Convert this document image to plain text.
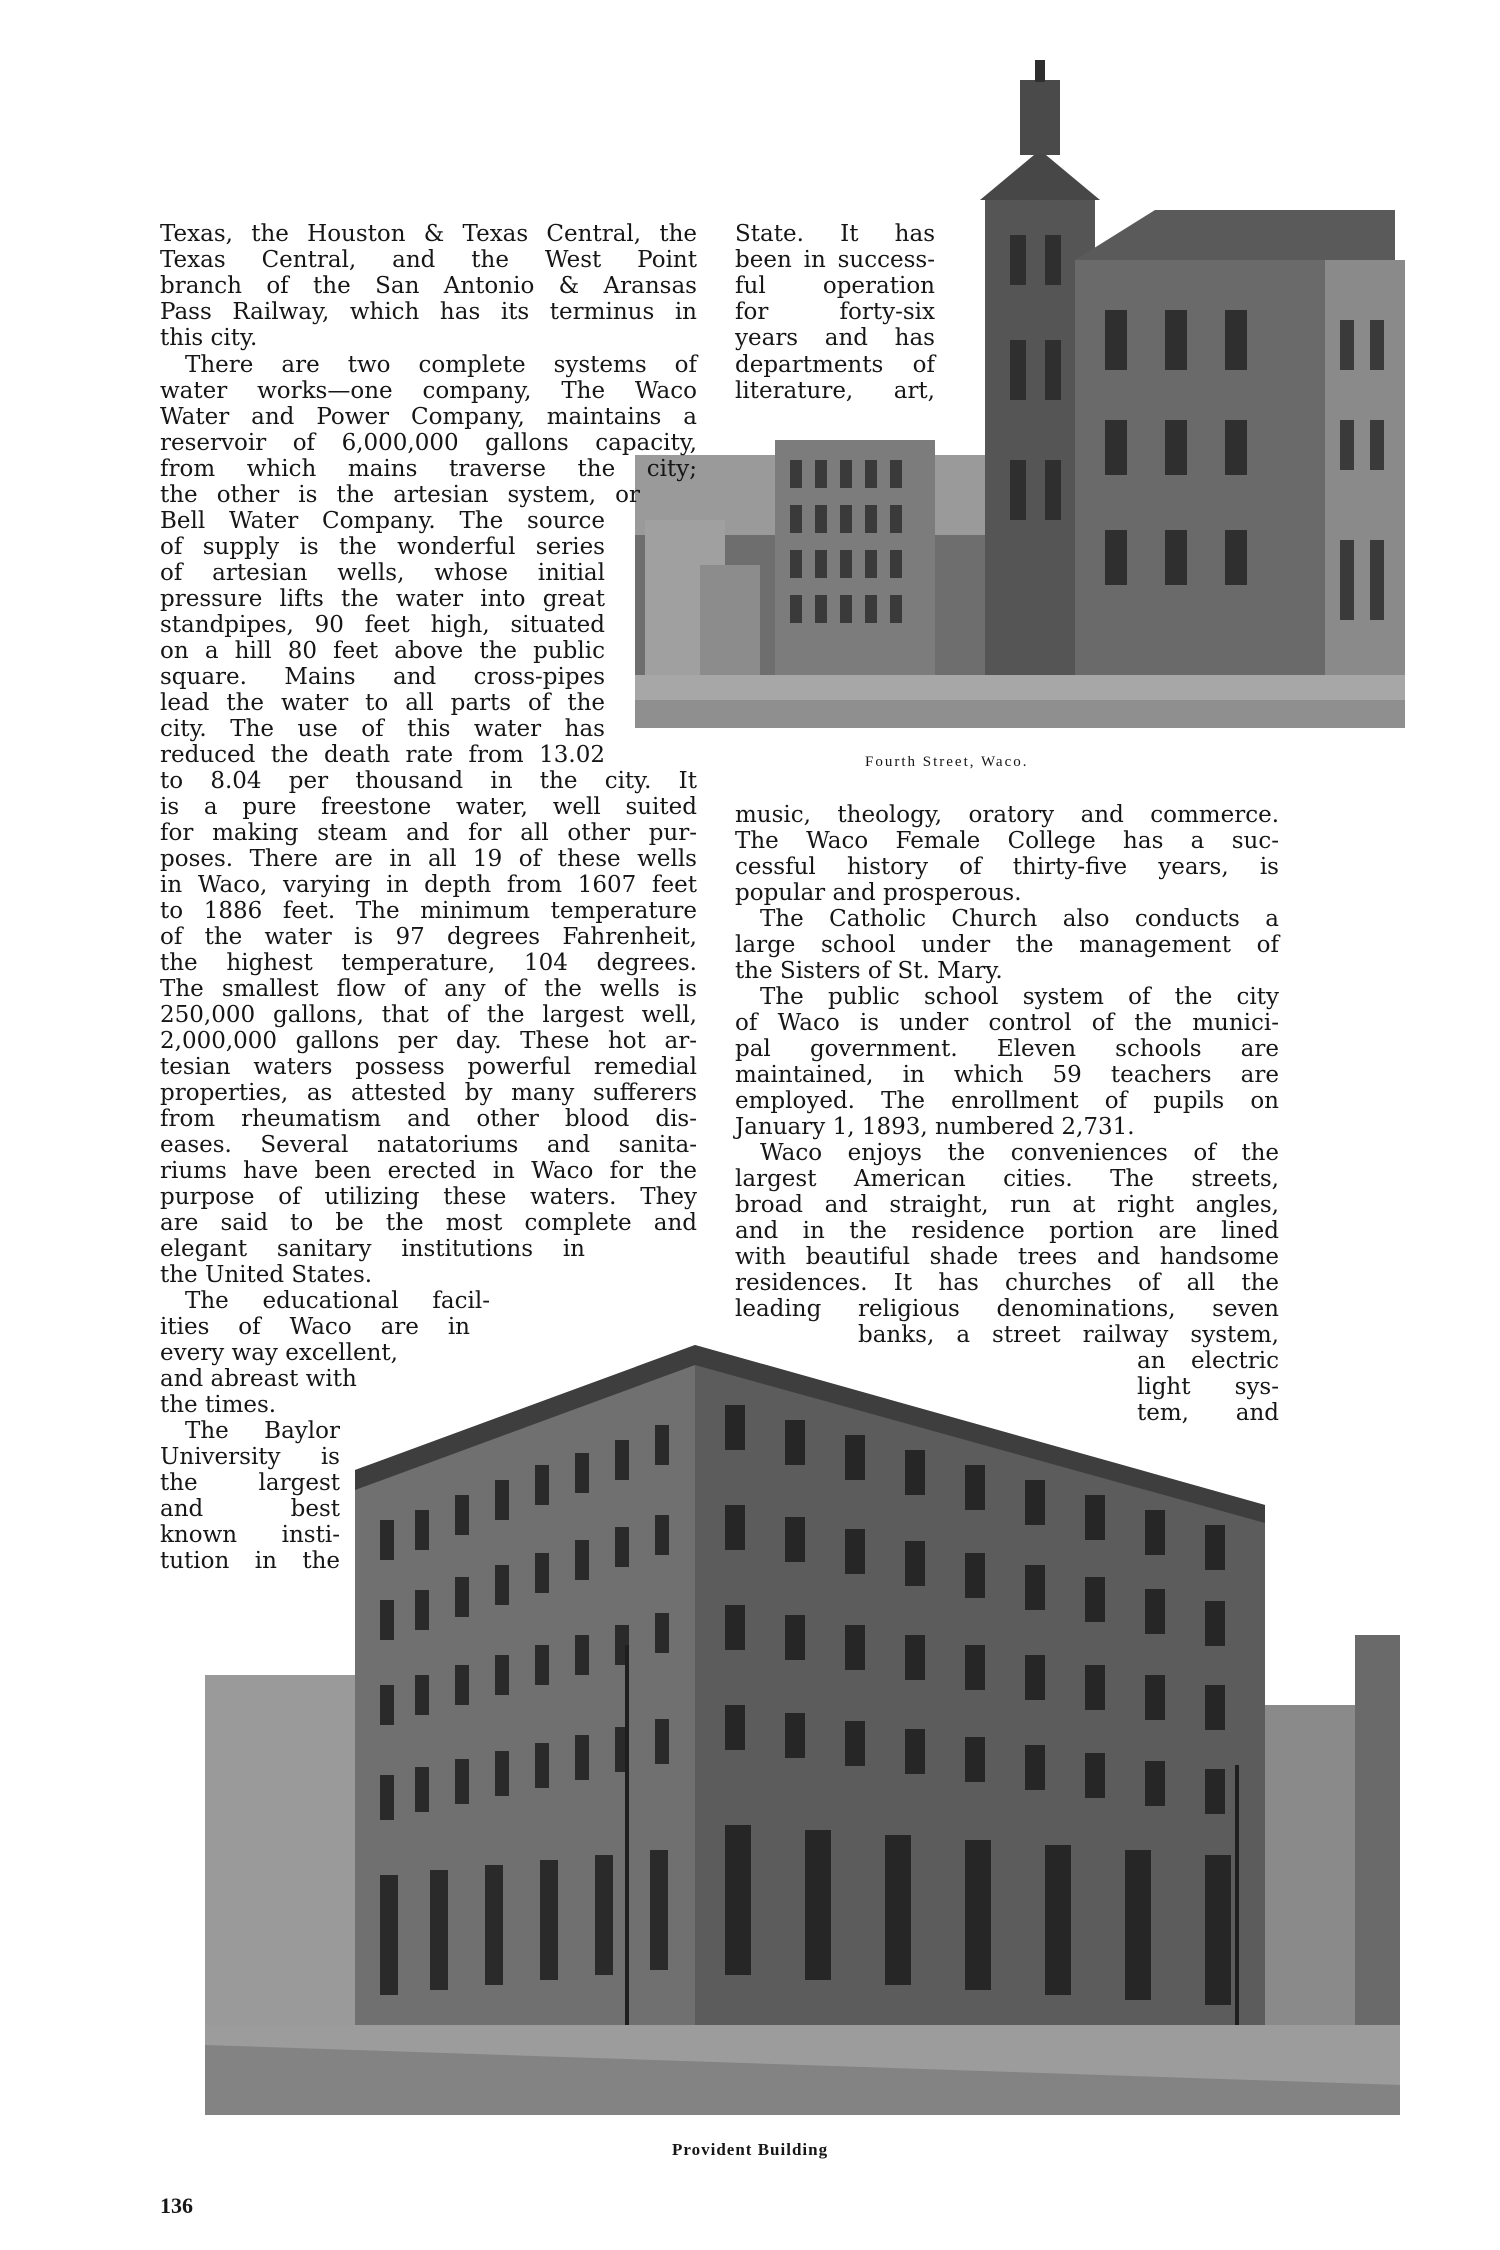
Texas, the Houston & Texas Central, the

Texas Central, and the West Point

branch of the San Antonio & Aransas

Pass Railway, which has its terminus in

this city.

There are two complete systems of

water works—one company, The Waco

Water and Power Company, maintains a

reservoir of 6,000,000 gallons capacity,

from which mains traverse the city;

the other is the artesian system, or

Bell Water Company. The source

of supply is the wonderful series

of artesian wells, whose initial

pressure lifts the water into great

standpipes, 90 feet high, situated

on a hill 80 feet above the public

square. Mains and cross-pipes

lead the water to all parts of the

city. The use of this water has

reduced the death rate from 13.02

to 8.04 per thousand in the city. It

is a pure freestone water, well suited

for making steam and for all other pur-

poses. There are in all 19 of these wells

in Waco, varying in depth from 1607 feet

to 1886 feet. The minimum temperature

of the water is 97 degrees Fahrenheit,

the highest temperature, 104 degrees.

The smallest flow of any of the wells is

250,000 gallons, that of the largest well,

2,000,000 gallons per day. These hot ar-

tesian waters possess powerful remedial

properties, as attested by many sufferers

from rheumatism and other blood dis-

eases. Several natatoriums and sanita-

riums have been erected in Waco for the

purpose of utilizing these waters. They

are said to be the most complete and

elegant sanitary institutions in

the United States.

The educational facil-

ities of Waco are in

every way excellent,

and abreast with

the times.

The Baylor

University is

the largest

and best

known insti-

tution in the

State. It has

been in success-

ful operation

for forty-six

years and has

departments of

literature, art,

Fourth Street, Waco.

music, theology, oratory and commerce.

The Waco Female College has a suc-

cessful history of thirty-five years, is

popular and prosperous.

The Catholic Church also conducts a

large school under the management of

the Sisters of St. Mary.

The public school system of the city

of Waco is under control of the munici-

pal government. Eleven schools are

maintained, in which 59 teachers are

employed. The enrollment of pupils on

January 1, 1893, numbered 2,731.

Waco enjoys the conveniences of the

largest American cities. The streets,

broad and straight, run at right angles,

and in the residence portion are lined

with beautiful shade trees and handsome

residences. It has churches of all the

leading religious denominations, seven

banks, a street railway system,

an electric

light sys-

tem, and

Provident Building

136
